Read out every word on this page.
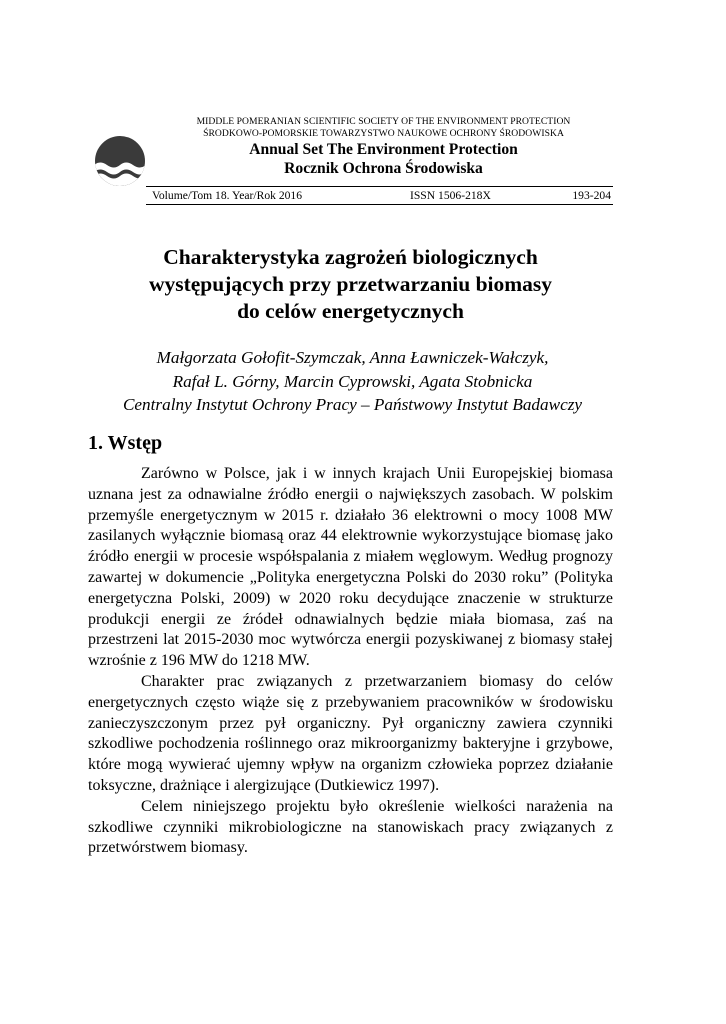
MIDDLE POMERANIAN SCIENTIFIC SOCIETY OF THE ENVIRONMENT PROTECTION
ŚRODKOWO-POMORSKIE TOWARZYSTWO NAUKOWE OCHRONY ŚRODOWISKA
Annual Set The Environment Protection
Rocznik Ochrona Środowiska
Volume/Tom 18. Year/Rok 2016	ISSN 1506-218X	193-204
Charakterystyka zagrożeń biologicznych
występujących przy przetwarzaniu biomasy
do celów energetycznych
Małgorzata Gołofit-Szymczak, Anna Ławniczek-Wałczyk,
Rafał L. Górny, Marcin Cyprowski, Agata Stobnicka
Centralny Instytut Ochrony Pracy – Państwowy Instytut Badawczy
1. Wstęp

Zarówno w Polsce, jak i w innych krajach Unii Europejskiej biomasa uznana jest za odnawialne źródło energii o największych zasobach. W polskim przemyśle energetycznym w 2015 r. działało 36 elektrowni o mocy 1008 MW zasilanych wyłącznie biomasą oraz 44 elektrownie wykorzystujące biomasę jako źródło energii w procesie współspalania z miałem węglowym. Według prognozy zawartej w dokumencie „Polityka energetyczna Polski do 2030 roku” (Polityka energetyczna Polski, 2009) w 2020 roku decydujące znaczenie w strukturze produkcji energii ze źródeł odnawialnych będzie miała biomasa, zaś na przestrzeni lat 2015-2030 moc wytwórcza energii pozyskiwanej z biomasy stałej wzrośnie z 196 MW do 1218 MW.

Charakter prac związanych z przetwarzaniem biomasy do celów energetycznych często wiąże się z przebywaniem pracowników w środowisku zanieczyszczonym przez pył organiczny. Pył organiczny zawiera czynniki szkodliwe pochodzenia roślinnego oraz mikroorganizmy bakteryjne i grzybowe, które mogą wywierać ujemny wpływ na organizm człowieka poprzez działanie toksyczne, drażniące i alergizujące (Dutkiewicz 1997).

Celem niniejszego projektu było określenie wielkości narażenia na szkodliwe czynniki mikrobiologiczne na stanowiskach pracy związanych z przetwórstwem biomasy.
